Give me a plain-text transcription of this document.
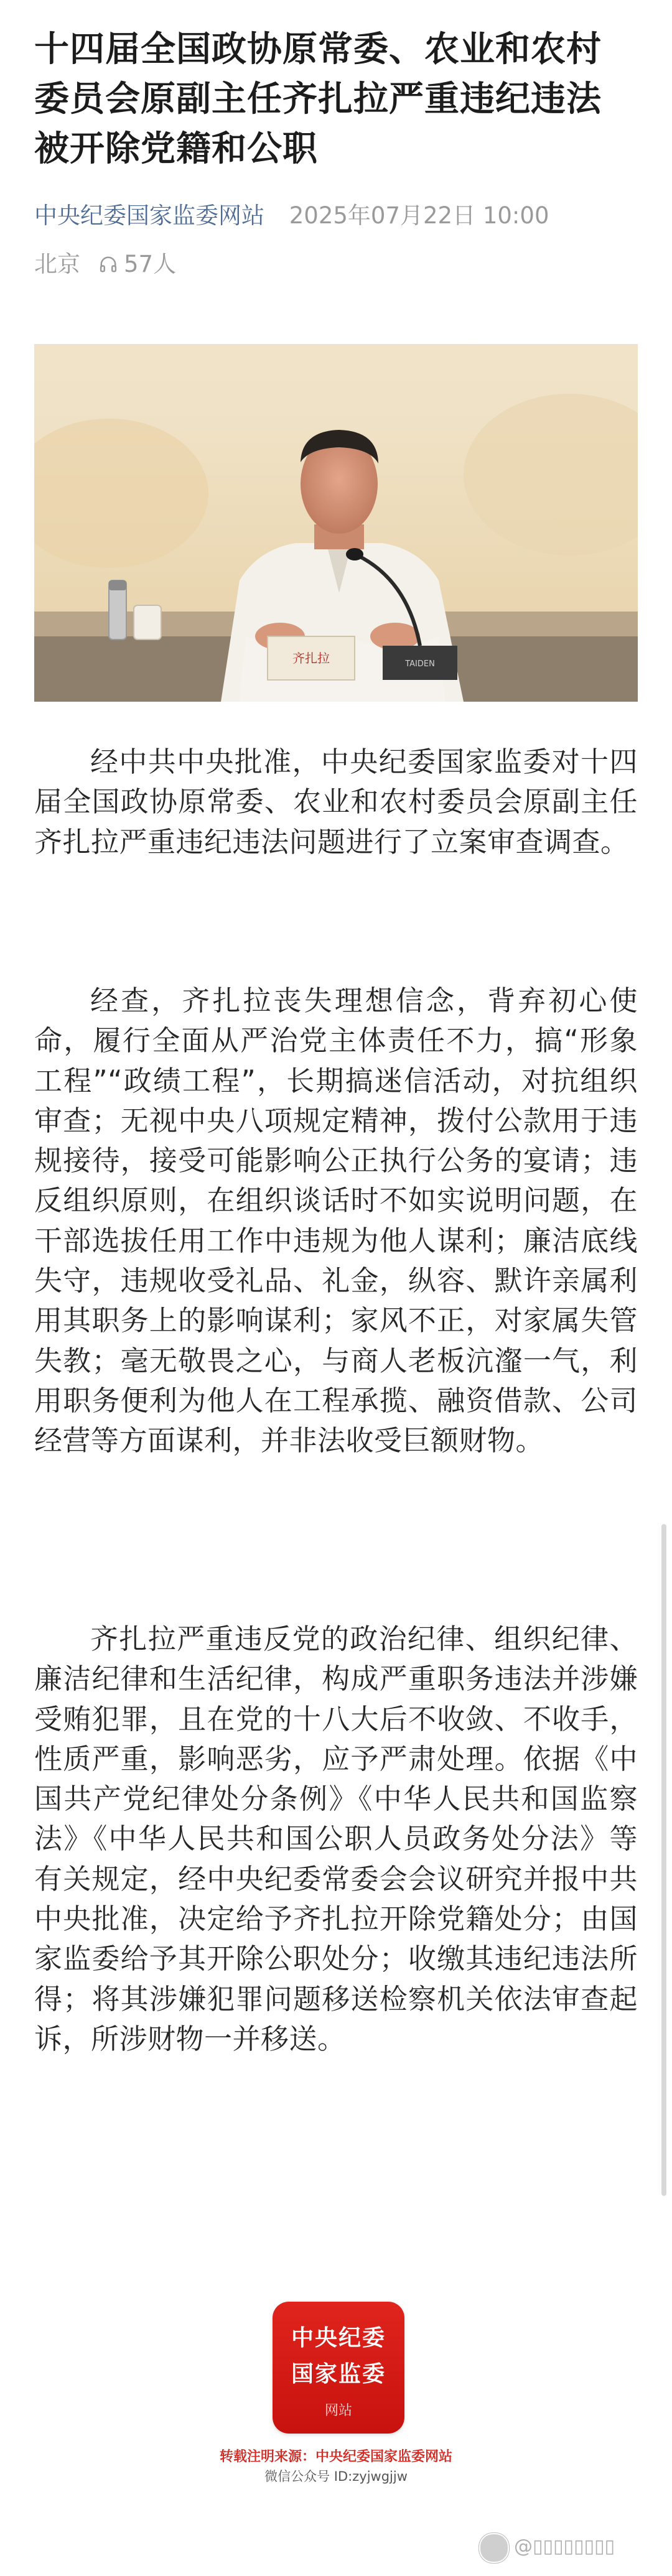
十四届全国政协原常委、农业和农村委员会原副主任齐扎拉严重违纪违法被开除党籍和公职
中央纪委国家监委网站 2025年07月22日 10:00
北京 57人
齐扎拉	TAIDEN

经中共中央批准，中央纪委国家监委对十四届全国政协原常委、农业和农村委员会原副主任齐扎拉严重违纪违法问题进行了立案审查调查。

经查，齐扎拉丧失理想信念，背弃初心使命，履行全面从严治党主体责任不力，搞“形象工程”“政绩工程”，长期搞迷信活动，对抗组织审查；无视中央八项规定精神，拨付公款用于违规接待，接受可能影响公正执行公务的宴请；违反组织原则，在组织谈话时不如实说明问题，在干部选拔任用工作中违规为他人谋利；廉洁底线失守，违规收受礼品、礼金，纵容、默许亲属利用其职务上的影响谋利；家风不正，对家属失管失教；毫无敬畏之心，与商人老板沆瀣一气，利用职务便利为他人在工程承揽、融资借款、公司经营等方面谋利，并非法收受巨额财物。

齐扎拉严重违反党的政治纪律、组织纪律、廉洁纪律和生活纪律，构成严重职务违法并涉嫌受贿犯罪，且在党的十八大后不收敛、不收手，性质严重，影响恶劣，应予严肃处理。依据《中国共产党纪律处分条例》《中华人民共和国监察法》《中华人民共和国公职人员政务处分法》等有关规定，经中央纪委常委会会议研究并报中共中央批准，决定给予齐扎拉开除党籍处分；由国家监委给予其开除公职处分；收缴其违纪违法所得；将其涉嫌犯罪问题移送检察机关依法审查起诉，所涉财物一并移送。

中央纪委
国家监委
网站
转载注明来源：中央纪委国家监委网站
微信公众号 ID:zyjwgjjw
@▯▯▯▯▯▯▯▯
